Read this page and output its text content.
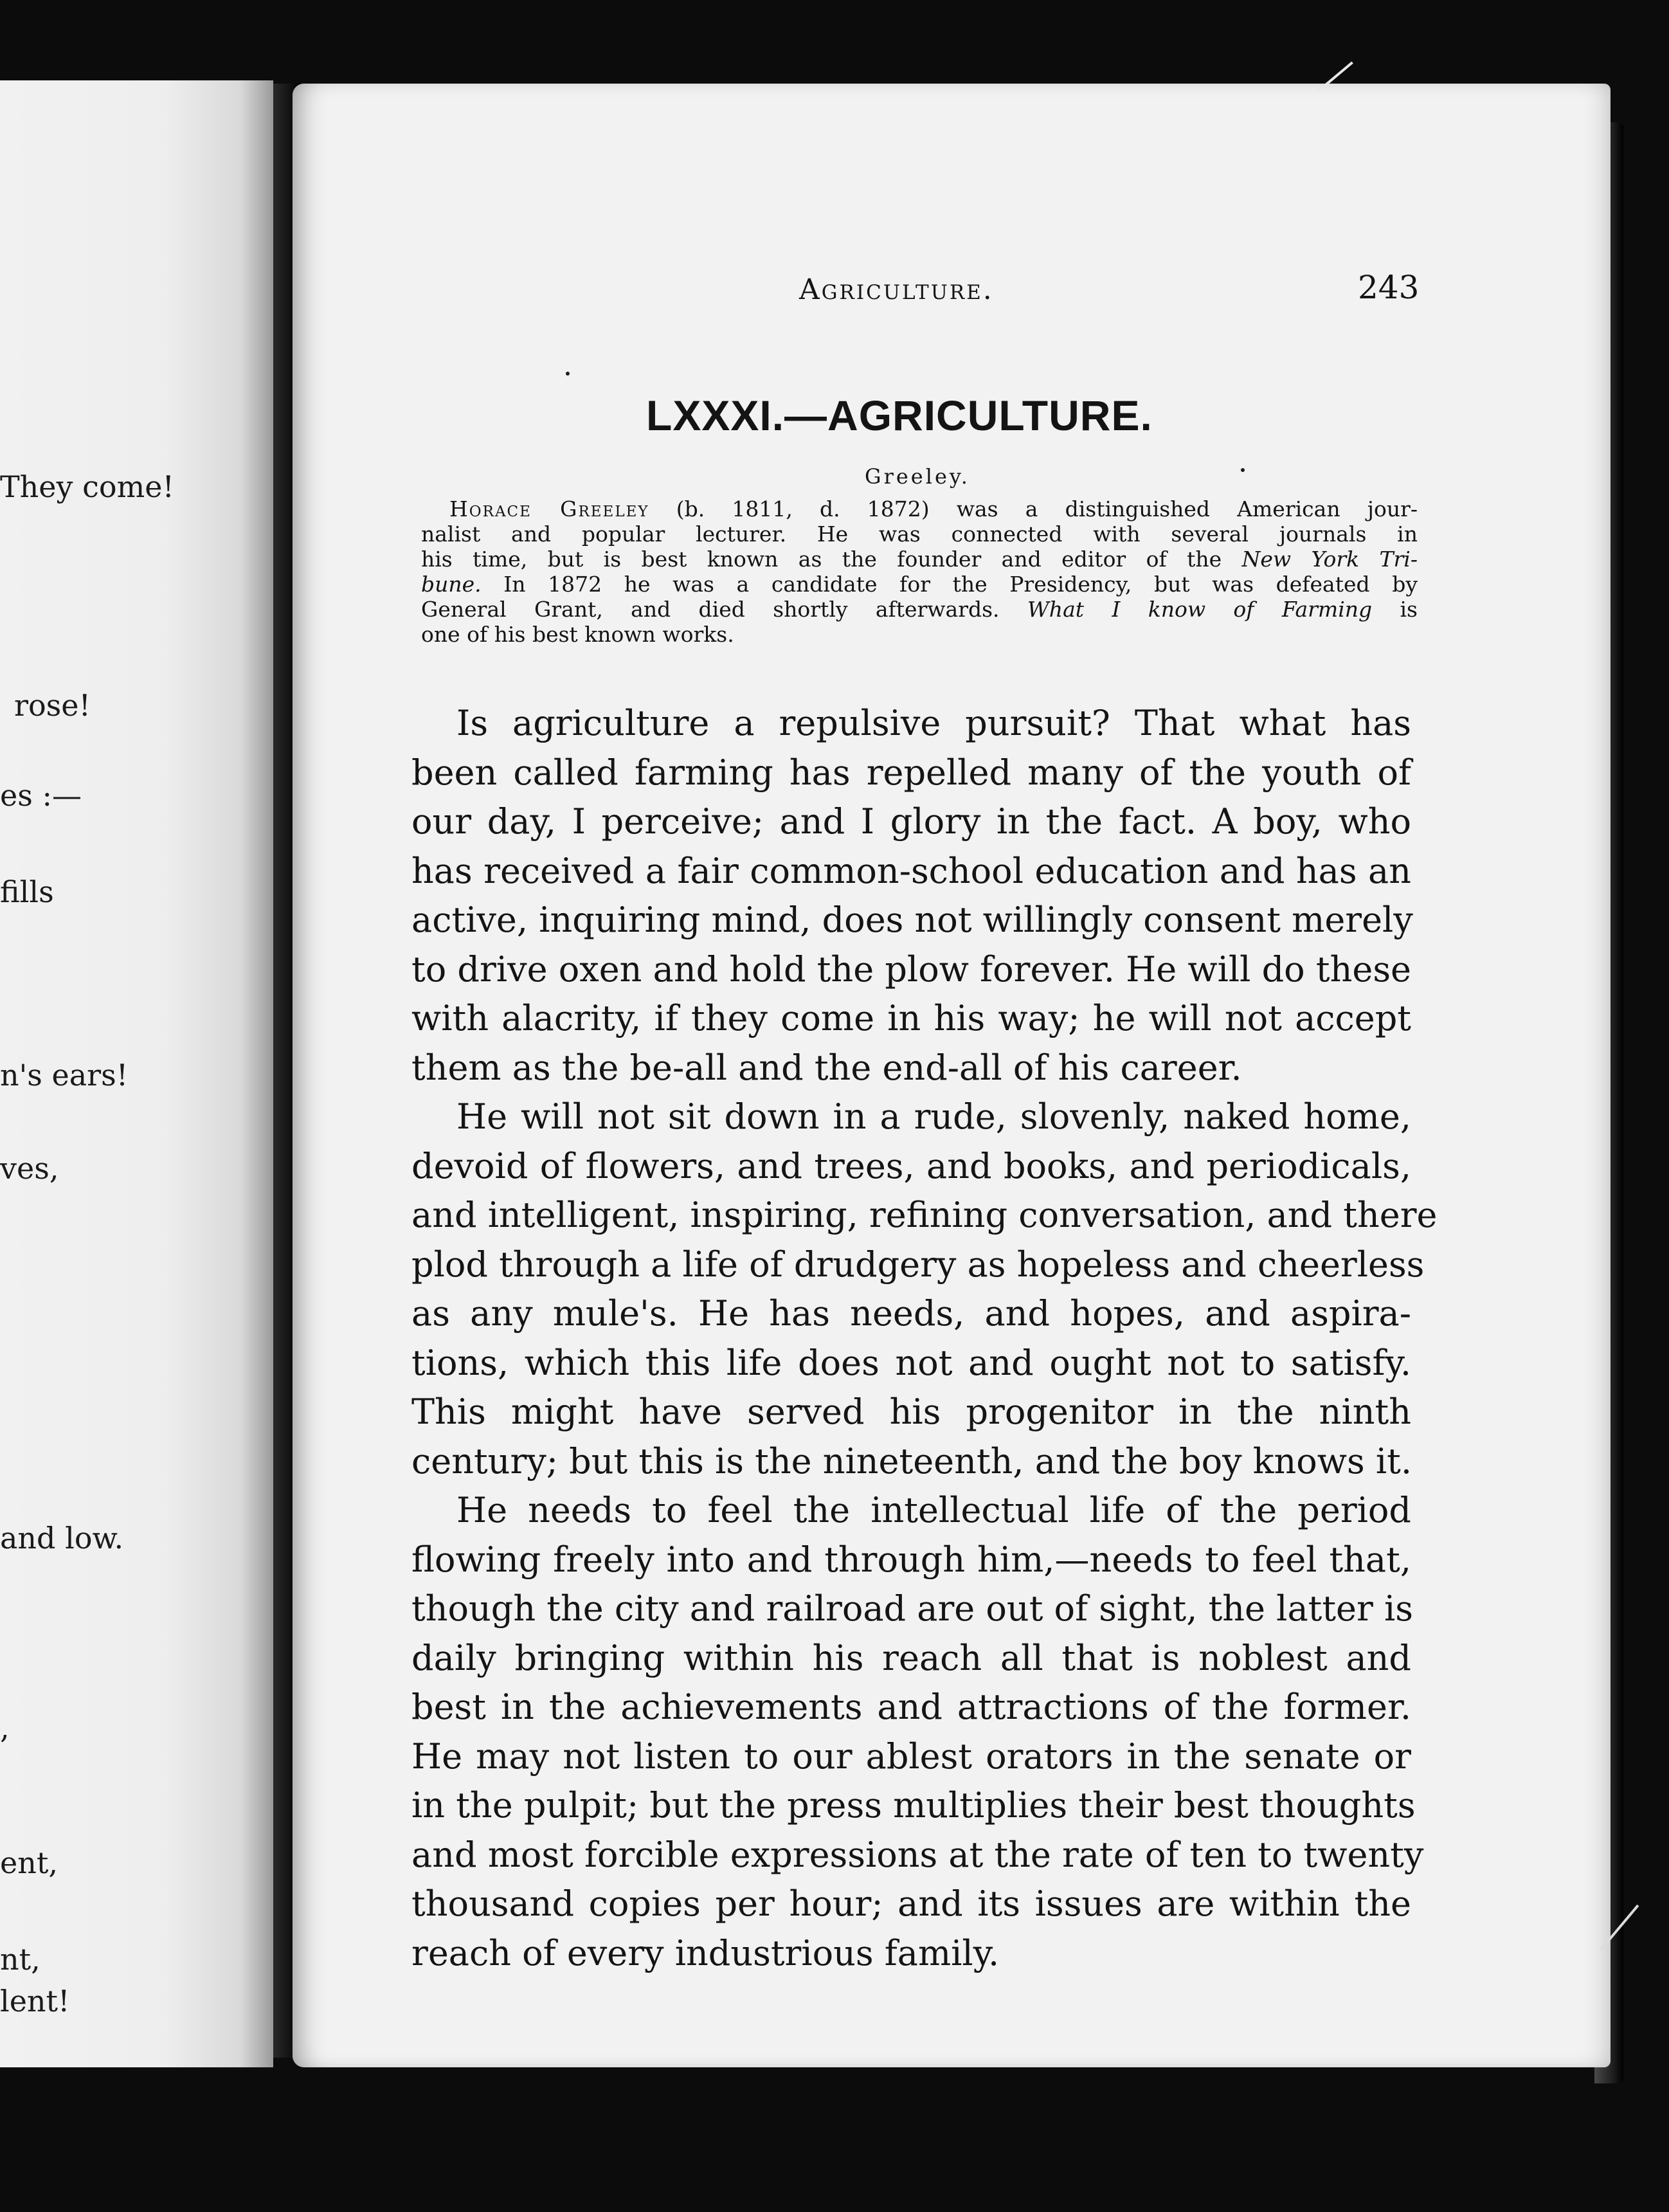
They come!
rose!
es :—
fills
n's ears!
ves,
and low.
,
ent,
nt,
lent!
Agriculture.	243
LXXXI.—AGRICULTURE.
Greeley.
Horace Greeley (b. 1811, d. 1872) was a distinguished American jour-
nalist and popular lecturer. He was connected with several journals in
his time, but is best known as the founder and editor of the New York Tri-
bune. In 1872 he was a candidate for the Presidency, but was defeated by
General Grant, and died shortly afterwards. What I know of Farming is
one of his best known works.
Is agriculture a repulsive pursuit? That what has
been called farming has repelled many of the youth of
our day, I perceive; and I glory in the fact. A boy, who
has received a fair common-school education and has an
active, inquiring mind, does not willingly consent merely
to drive oxen and hold the plow forever. He will do these
with alacrity, if they come in his way; he will not accept
them as the be-all and the end-all of his career.
He will not sit down in a rude, slovenly, naked home,
devoid of flowers, and trees, and books, and periodicals,
and intelligent, inspiring, refining conversation, and there
plod through a life of drudgery as hopeless and cheerless
as any mule's. He has needs, and hopes, and aspira-
tions, which this life does not and ought not to satisfy.
This might have served his progenitor in the ninth
century; but this is the nineteenth, and the boy knows it.
He needs to feel the intellectual life of the period
flowing freely into and through him,—needs to feel that,
though the city and railroad are out of sight, the latter is
daily bringing within his reach all that is noblest and
best in the achievements and attractions of the former.
He may not listen to our ablest orators in the senate or
in the pulpit; but the press multiplies their best thoughts
and most forcible expressions at the rate of ten to twenty
thousand copies per hour; and its issues are within the
reach of every industrious family.
